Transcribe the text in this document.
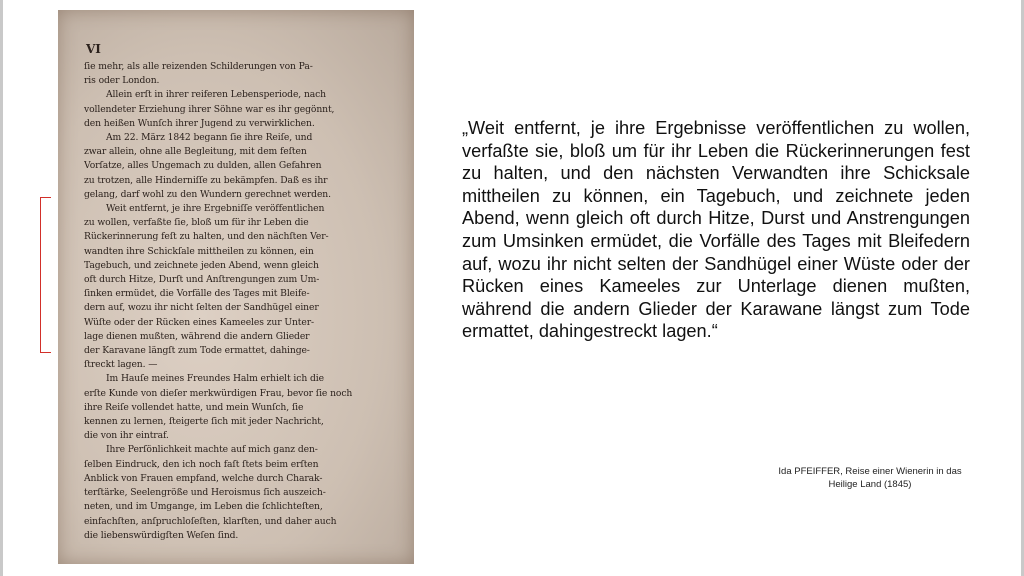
VI
ſie mehr, als alle reizenden Schilderungen von Pa-
ris oder London.
Allein erſt in ihrer reiferen Lebensperiode, nach
vollendeter Erziehung ihrer Söhne war es ihr gegönnt,
den heißen Wunſch ihrer Jugend zu verwirklichen.
Am 22. März 1842 begann ſie ihre Reiſe, und
zwar allein, ohne alle Begleitung, mit dem feſten
Vorſatze, alles Ungemach zu dulden, allen Gefahren
zu trotzen, alle Hinderniſſe zu bekämpfen. Daß es ihr
gelang, darf wohl zu den Wundern gerechnet werden.
Weit entfernt, je ihre Ergebniſſe veröffentlichen
zu wollen, verfaßte ſie, bloß um für ihr Leben die
Rückerinnerung feſt zu halten, und den nächſten Ver-
wandten ihre Schickſale mittheilen zu können, ein
Tagebuch, und zeichnete jeden Abend, wenn gleich
oft durch Hitze, Durſt und Anſtrengungen zum Um-
ſinken ermüdet, die Vorfälle des Tages mit Bleife-
dern auf, wozu ihr nicht ſelten der Sandhügel einer
Wüſte oder der Rücken eines Kameeles zur Unter-
lage dienen mußten, während die andern Glieder
der Karavane längſt zum Tode ermattet, dahinge-
ſtreckt lagen. —
Im Hauſe meines Freundes Halm erhielt ich die
erſte Kunde von dieſer merkwürdigen Frau, bevor ſie noch
ihre Reiſe vollendet hatte, und mein Wunſch, ſie
kennen zu lernen, ſteigerte ſich mit jeder Nachricht,
die von ihr eintraf.
Ihre Perſönlichkeit machte auf mich ganz den-
ſelben Eindruck, den ich noch faſt ſtets beim erſten
Anblick von Frauen empfand, welche durch Charak-
terſtärke, Seelengröße und Heroismus ſich auszeich-
neten, und im Umgange, im Leben die ſchlichteſten,
einfachſten, anſpruchloſeſten, klarſten, und daher auch
die liebenswürdigſten Weſen ſind.
„Weit entfernt, je ihre Ergebnisse veröffentlichen zu wollen, verfaßte sie, bloß um für ihr Leben die Rückerinnerungen fest zu halten, und den nächsten Verwandten ihre Schicksale mittheilen zu können, ein Tagebuch, und zeichnete jeden Abend, wenn gleich oft durch Hitze, Durst und Anstrengungen zum Umsinken ermüdet, die Vorfälle des Tages mit Bleifedern auf, wozu ihr nicht selten der Sandhügel einer Wüste oder der Rücken eines Kameeles zur Unterlage dienen mußten, während die andern Glieder der Karawane längst zum Tode ermattet, dahingestreckt lagen.“
Ida PFEIFFER, Reise einer Wienerin in das
Heilige Land (1845)
